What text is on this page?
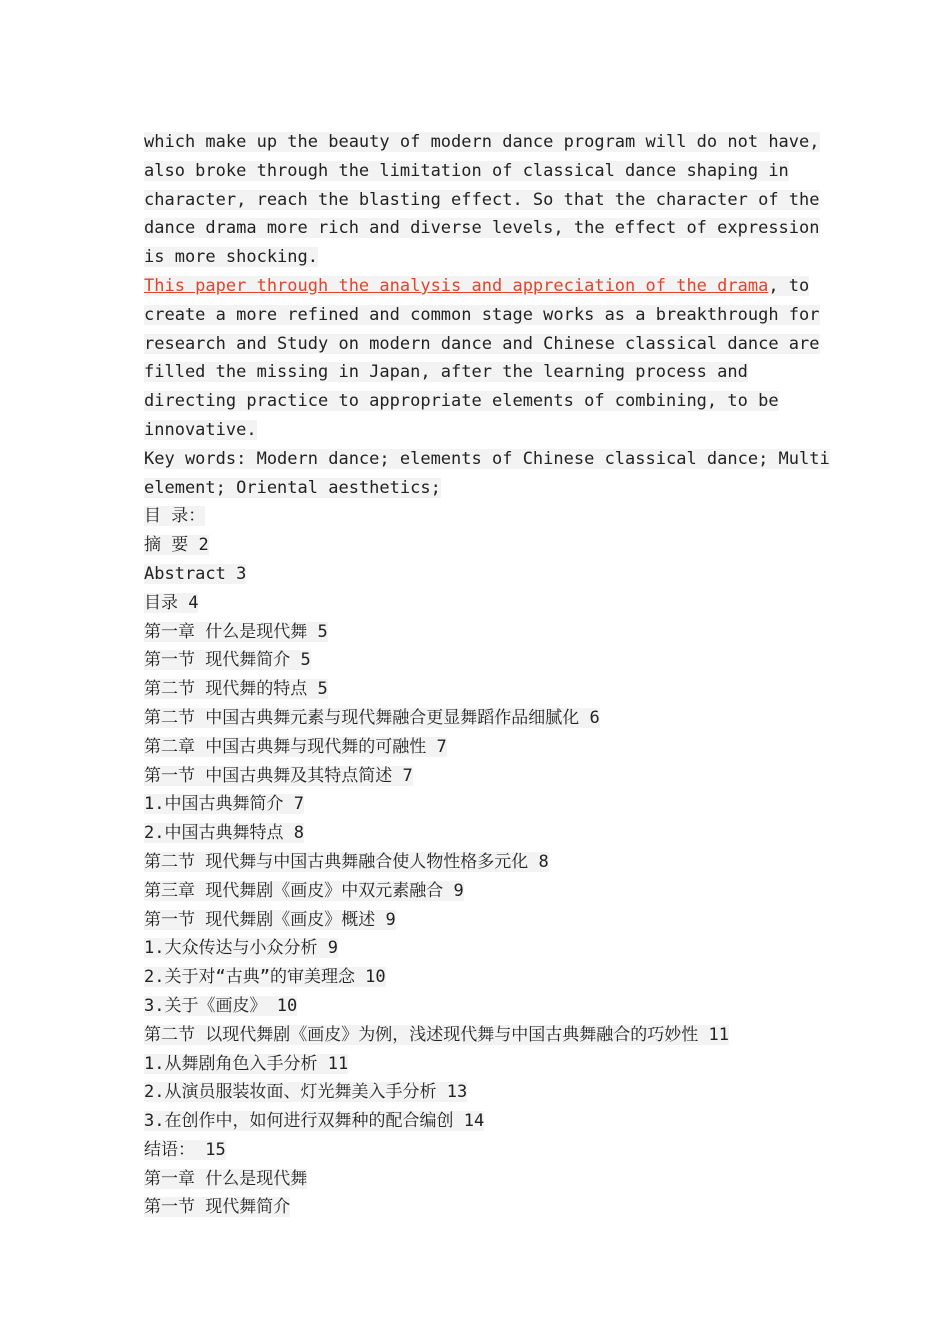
which make up the beauty of modern dance program will do not have, also broke through the limitation of classical dance shaping in character, reach the blasting effect. So that the character of the dance drama more rich and diverse levels, the effect of expression is more shocking.

This paper through the analysis and appreciation of the drama, to create a more refined and common stage works as a breakthrough for research and Study on modern dance and Chinese classical dance are filled the missing in Japan, after the learning process and directing practice to appropriate elements of combining, to be innovative.

Key words: Modern dance; elements of Chinese classical dance; Multi element; Oriental aesthetics;

目 录：

摘 要 2

Abstract 3

目录 4

第一章 什么是现代舞 5

第一节 现代舞简介 5

第二节 现代舞的特点 5

第二节 中国古典舞元素与现代舞融合更显舞蹈作品细腻化 6

第二章 中国古典舞与现代舞的可融性 7

第一节 中国古典舞及其特点简述 7

1.中国古典舞简介 7

2.中国古典舞特点 8

第二节 现代舞与中国古典舞融合使人物性格多元化 8

第三章 现代舞剧《画皮》中双元素融合 9

第一节 现代舞剧《画皮》概述 9

1.大众传达与小众分析 9

2.关于对“古典”的审美理念 10

3.关于《画皮》 10

第二节 以现代舞剧《画皮》为例，浅述现代舞与中国古典舞融合的巧妙性 11

1.从舞剧角色入手分析 11

2.从演员服装妆面、灯光舞美入手分析 13

3.在创作中，如何进行双舞种的配合编创 14

结语： 15

第一章 什么是现代舞

第一节 现代舞简介
